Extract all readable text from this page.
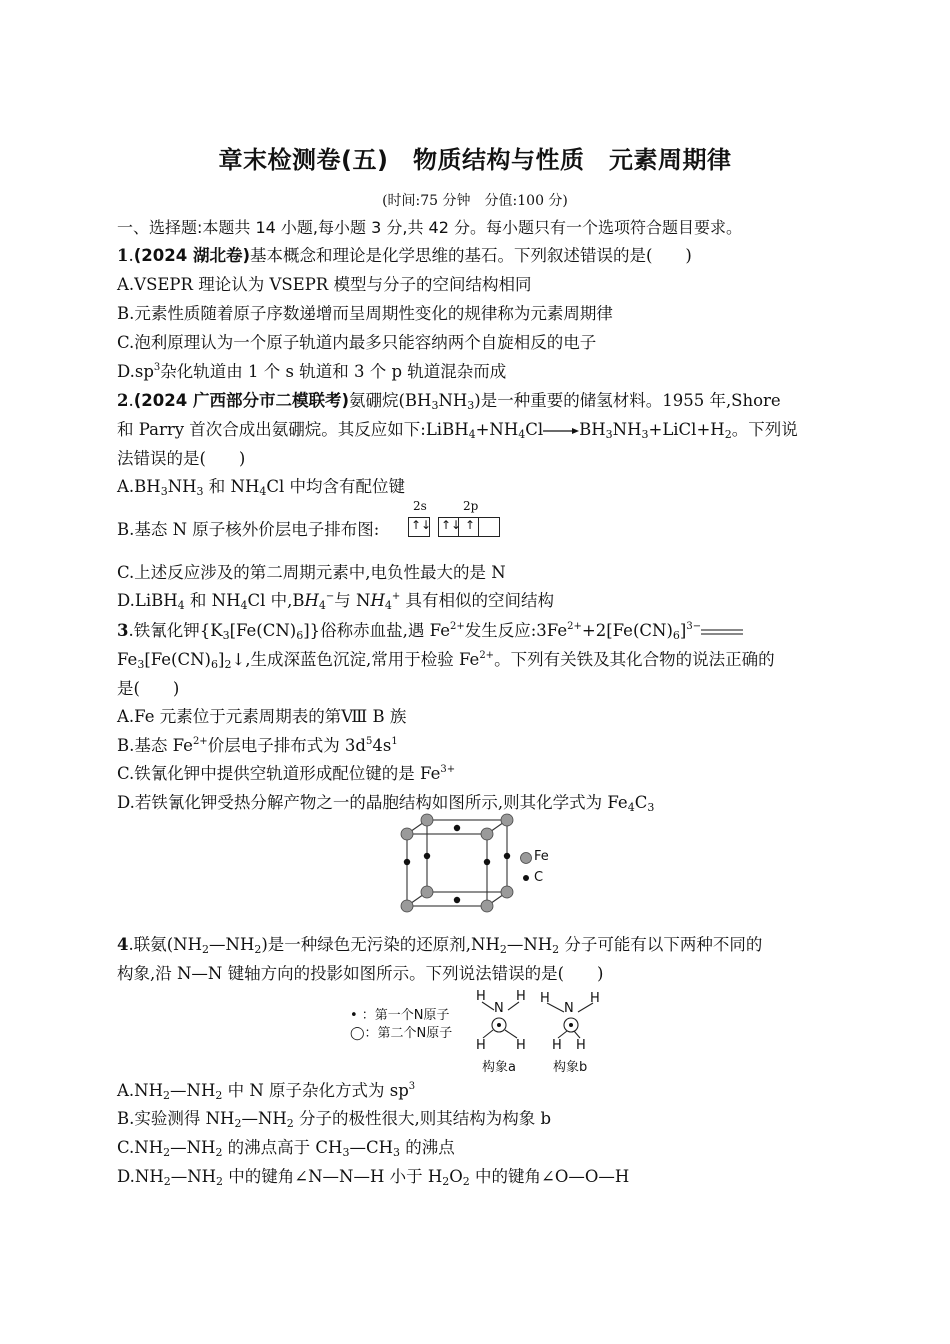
章末检测卷(五)　物质结构与性质　元素周期律
(时间:75 分钟　分值:100 分)
一、选择题:本题共 14 小题,每小题 3 分,共 42 分。每小题只有一个选项符合题目要求。
1.(2024 湖北卷)基本概念和理论是化学思维的基石。下列叙述错误的是(　　)
A.VSEPR 理论认为 VSEPR 模型与分子的空间结构相同
B.元素性质随着原子序数递增而呈周期性变化的规律称为元素周期律
C.泡利原理认为一个原子轨道内最多只能容纳两个自旋相反的电子
$D.sp^3$杂化轨道由 1 个 s 轨道和 3 个 p 轨道混杂而成
2.(2024 广西部分市二模联考)氨硼烷$(BH_3NH_3)$是一种重要的储氢材料。1955 年,Shore
和 Parry 首次合成出氨硼烷。其反应如下$:LiBH_4+NH_4Cl\to BH_3NH_3+LiCl+H_2$。下列说
法错误的是(　　)
$A.BH_3NH_3$ 和 $NH_4Cl$ 中均含有配位键
B.基态 N 原子核外价层电子排布图:
2s	2p
↑↓ ↑↓ ↑
C.上述反应涉及的第二周期元素中,电负性最大的是 N
D.LiBH$_4$ 和 $NH_4Cl$ 中$,BH_4^-$与 $NH_4^+$ 具有相似的空间结构
3.铁氰化钾$\{K_3[Fe(CN)_6]\}$俗称赤血盐,遇 $Fe^{2+}$发生反应$:3Fe^{2+}+2[Fe(CN)_6]^{3-}$
$Fe_3[Fe(CN)_6]_2↓$,生成深蓝色沉淀,常用于检验 $Fe^{2+}$。下列有关铁及其化合物的说法正确的
是(　　)
A.Fe 元素位于元素周期表的第Ⅷ B 族
B.基态 $Fe^{2+}$价层电子排布式为 $3d^54s^1$
C.铁氰化钾中提供空轨道形成配位键的是 $Fe^{3+}$
D.若铁氰化钾受热分解产物之一的晶胞结构如图所示,则其化学式为 $Fe_4C_3$
Fe
C
4.联氨$(NH_2—NH_2)$是一种绿色无污染的还原剂$,NH_2—NH_2$ 分子可能有以下两种不同的
构象,沿 N—N 键轴方向的投影如图所示。下列说法错误的是(　　)
• ：第一个N原子
◯：第二个N原子
H H
N
H H
H	H
N
H H
构象a	构象b
$A.NH_2—NH_2$ 中 N 原子杂化方式为 $sp^3$
B.实验测得 $NH_2—NH_2$ 分子的极性很大,则其结构为构象 b
$C.NH_2—NH_2$ 的沸点高于 $CH_3—CH_3$ 的沸点
$D.NH_2—NH_2$ 中的键角∠N—N—H 小于 $H_2O_2$ 中的键角∠O—O—H
